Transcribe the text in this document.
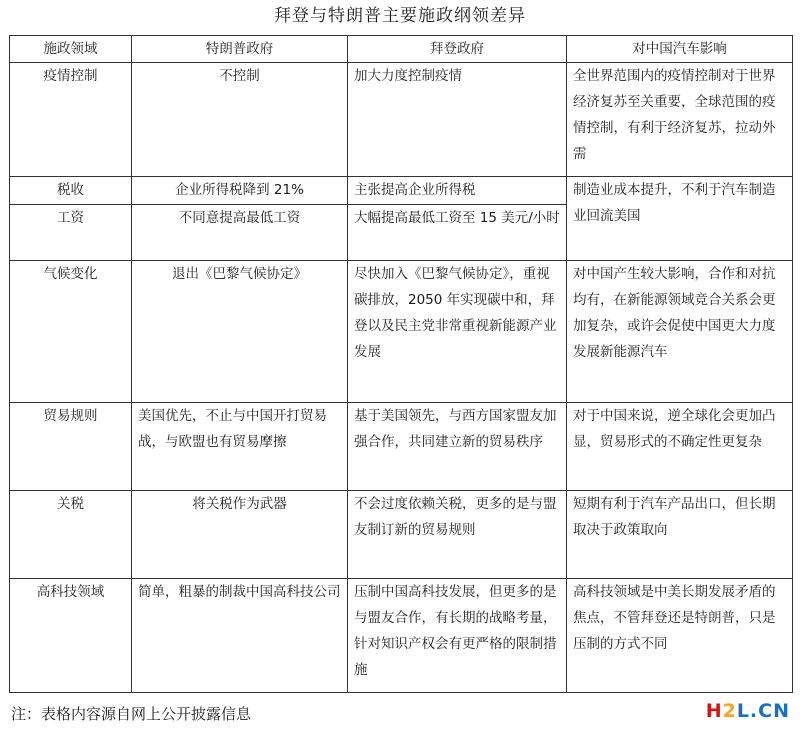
拜登与特朗普主要施政纲领差异
施政领域	特朗普政府	拜登政府	对中国汽车影响
疫情控制	不控制	加大力度控制疫情	全世界范围内的疫情控制对于世界经济复苏至关重要，全球范围的疫情控制，有利于经济复苏，拉动外需
税收	企业所得税降到 21%	主张提高企业所得税	制造业成本提升，不利于汽车制造业回流美国
工资	不同意提高最低工资	大幅提高最低工资至 15 美元/小时	
气候变化	退出《巴黎气候协定》	尽快加入《巴黎气候协定》，重视碳排放，2050 年实现碳中和，拜登以及民主党非常重视新能源产业发展	对中国产生较大影响，合作和对抗均有，在新能源领域竞合关系会更加复杂，或许会促使中国更大力度发展新能源汽车
贸易规则	美国优先，不止与中国开打贸易战，与欧盟也有贸易摩擦	基于美国领先，与西方国家盟友加强合作，共同建立新的贸易秩序	对于中国来说，逆全球化会更加凸显，贸易形式的不确定性更复杂
关税	将关税作为武器	不会过度依赖关税，更多的是与盟友制订新的贸易规则	短期有利于汽车产品出口，但长期取决于政策取向
高科技领域	简单，粗暴的制裁中国高科技公司	压制中国高科技发展，但更多的是与盟友合作，有长期的战略考量，针对知识产权会有更严格的限制措施	高科技领域是中美长期发展矛盾的焦点，不管拜登还是特朗普，只是压制的方式不同
注：表格内容源自网上公开披露信息	H2L.CN
